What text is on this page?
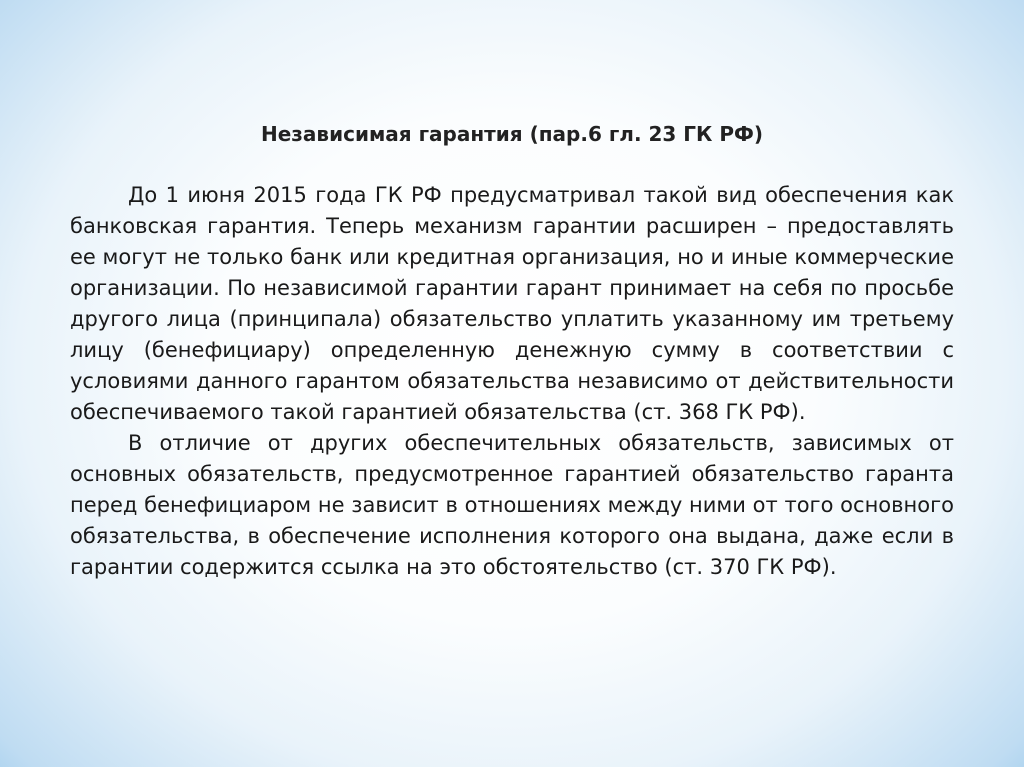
Независимая гарантия (пар.6 гл. 23 ГК РФ)

До 1 июня 2015 года ГК РФ предусматривал такой вид обеспечения как банковская гарантия. Теперь механизм гарантии расширен – предоставлять ее могут не только банк или кредитная организация, но и иные коммерческие организации. По независимой гарантии гарант принимает на себя по просьбе другого лица (принципала) обязательство уплатить указанному им третьему лицу (бенефициару) определенную денежную сумму в соответствии с условиями данного гарантом обязательства независимо от действительности обеспечиваемого такой гарантией обязательства (ст. 368 ГК РФ).

В отличие от других обеспечительных обязательств, зависимых от основных обязательств, предусмотренное гарантией обязательство гаранта перед бенефициаром не зависит в отношениях между ними от того основного обязательства, в обеспечение исполнения которого она выдана, даже если в гарантии содержится ссылка на это обстоятельство (ст. 370 ГК РФ).
